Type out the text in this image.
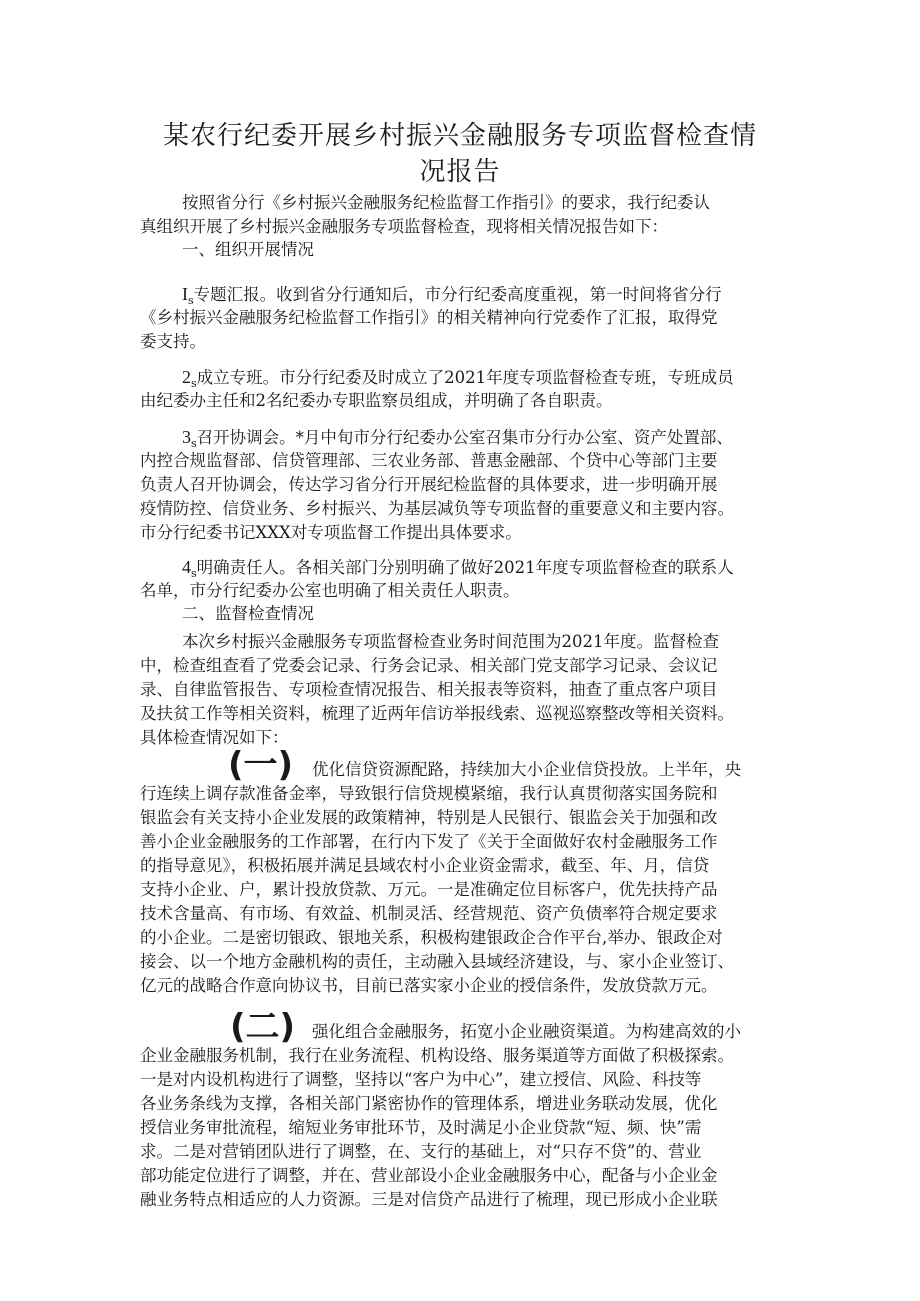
某农行纪委开展乡村振兴金融服务专项监督检查情
况报告
按照省分行《乡村振兴金融服务纪检监督工作指引》的要求，我行纪委认
真组织开展了乡村振兴金融服务专项监督检查，现将相关情况报告如下：
一、组织开展情况
$I_s$专题汇报。收到省分行通知后，市分行纪委高度重视，第一时间将省分行
《乡村振兴金融服务纪检监督工作指引》的相关精神向行党委作了汇报，取得党
委支持。
$2_s$成立专班。市分行纪委及时成立了2021年度专项监督检查专班，专班成员
由纪委办主任和2名纪委办专职监察员组成，并明确了各自职责。
$3_s$召开协调会。*月中旬市分行纪委办公室召集市分行办公室、资产处置部、
内控合规监督部、信贷管理部、三农业务部、普惠金融部、个贷中心等部门主要
负责人召开协调会，传达学习省分行开展纪检监督的具体要求，进一步明确开展
疫情防控、信贷业务、乡村振兴、为基层减负等专项监督的重要意义和主要内容。
市分行纪委书记XXX对专项监督工作提出具体要求。
$4_s$明确责任人。各相关部门分别明确了做好2021年度专项监督检查的联系人
名单，市分行纪委办公室也明确了相关责任人职责。
二、监督检查情况
本次乡村振兴金融服务专项监督检查业务时间范围为2021年度。监督检查
中，检查组查看了党委会记录、行务会记录、相关部门党支部学习记录、会议记
录、自律监管报告、专项检查情况报告、相关报表等资料，抽查了重点客户项目
及扶贫工作等相关资料，梳理了近两年信访举报线索、巡视巡察整改等相关资料。
具体检查情况如下：
(一) 优化信贷资源配路，持续加大小企业信贷投放。上半年，央
行连续上调存款准备金率，导致银行信贷规模紧缩，我行认真贯彻落实国务院和
银监会有关支持小企业发展的政策精神，特别是人民银行、银监会关于加强和改
善小企业金融服务的工作部署，在行内下发了《关于全面做好农村金融服务工作
的指导意见》，积极拓展并满足县域农村小企业资金需求，截至、年、月，信贷
支持小企业、户，累计投放贷款、万元。一是准确定位目标客户，优先扶持产品
技术含量高、有市场、有效益、机制灵活、经营规范、资产负债率符合规定要求
的小企业。二是密切银政、银地关系，积极构建银政企合作平台,举办、银政企对
接会、以一个地方金融机构的责任，主动融入县域经济建设，与、家小企业签订、
亿元的战略合作意向协议书，目前已落实家小企业的授信条件，发放贷款万元。
(二) 强化组合金融服务，拓宽小企业融资渠道。为构建高效的小
企业金融服务机制，我行在业务流程、机构设络、服务渠道等方面做了积极探索。
一是对内设机构进行了调整，坚持以“客户为中心”，建立授信、风险、科技等
各业务条线为支撑，各相关部门紧密协作的管理体系，增进业务联动发展，优化
授信业务审批流程，缩短业务审批环节，及时满足小企业贷款“短、频、快”需
求。二是对营销团队进行了调整，在、支行的基础上，对“只存不贷”的、营业
部功能定位进行了调整，并在、营业部设小企业金融服务中心，配备与小企业金
融业务特点相适应的人力资源。三是对信贷产品进行了梳理，现已形成小企业联
